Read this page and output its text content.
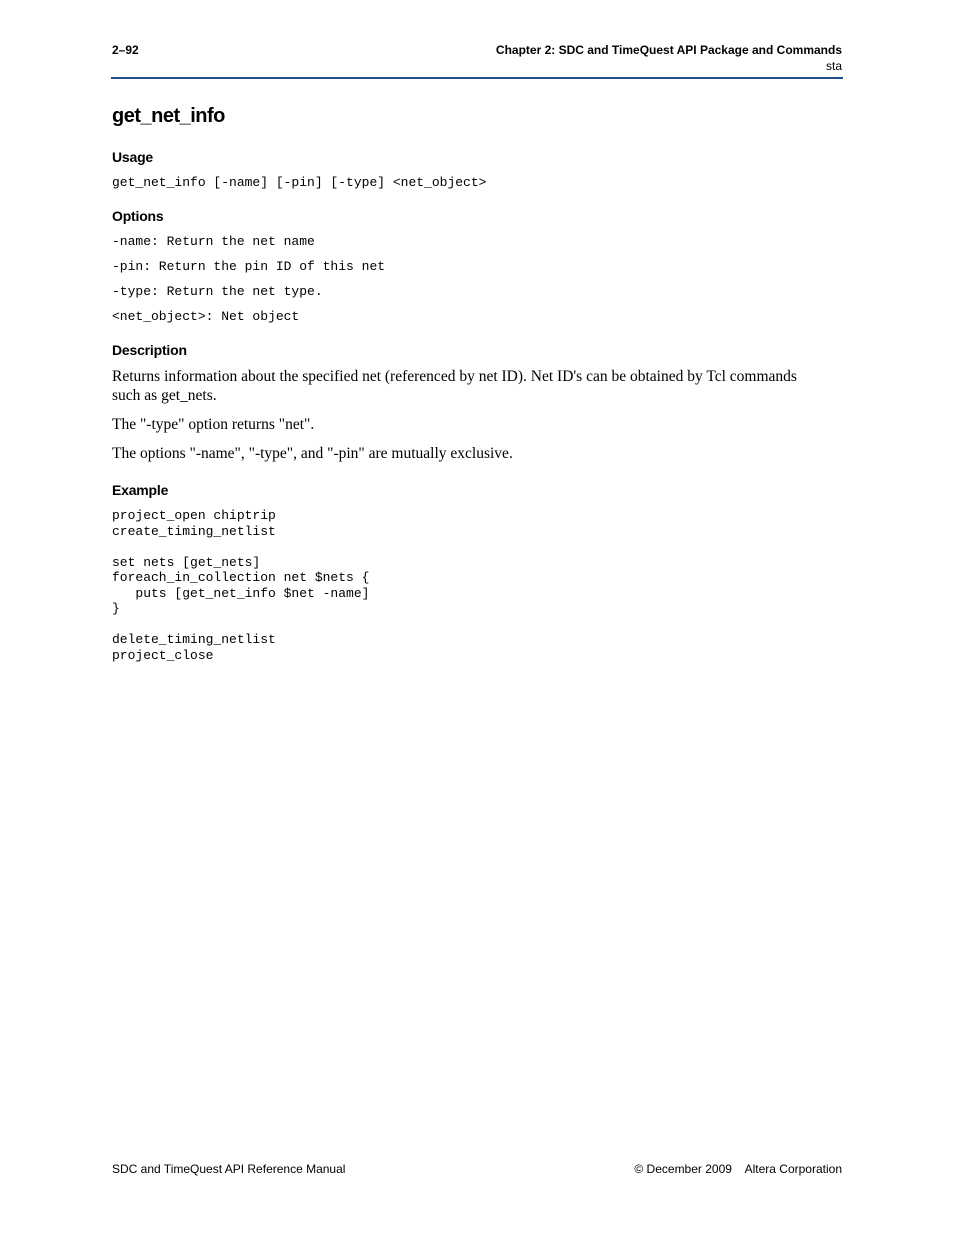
2–92	Chapter 2: SDC and TimeQuest API Package and Commands
sta
get_net_info
Usage
get_net_info [-name] [-pin] [-type] <net_object>
Options
-name: Return the net name
-pin: Return the pin ID of this net
-type: Return the net type.
<net_object>: Net object
Description

Returns information about the specified net (referenced by net ID). Net ID's can be obtained by Tcl commands such as get_nets.

The "-type" option returns "net".

The options "-name", "-type", and "-pin" are mutually exclusive.

Example
project_open chiptrip
create_timing_netlist

set nets [get_nets]
foreach_in_collection net $nets {
puts [get_net_info $net -name]
}

delete_timing_netlist
project_close
SDC and TimeQuest API Reference Manual	© December 2009    Altera Corporation
